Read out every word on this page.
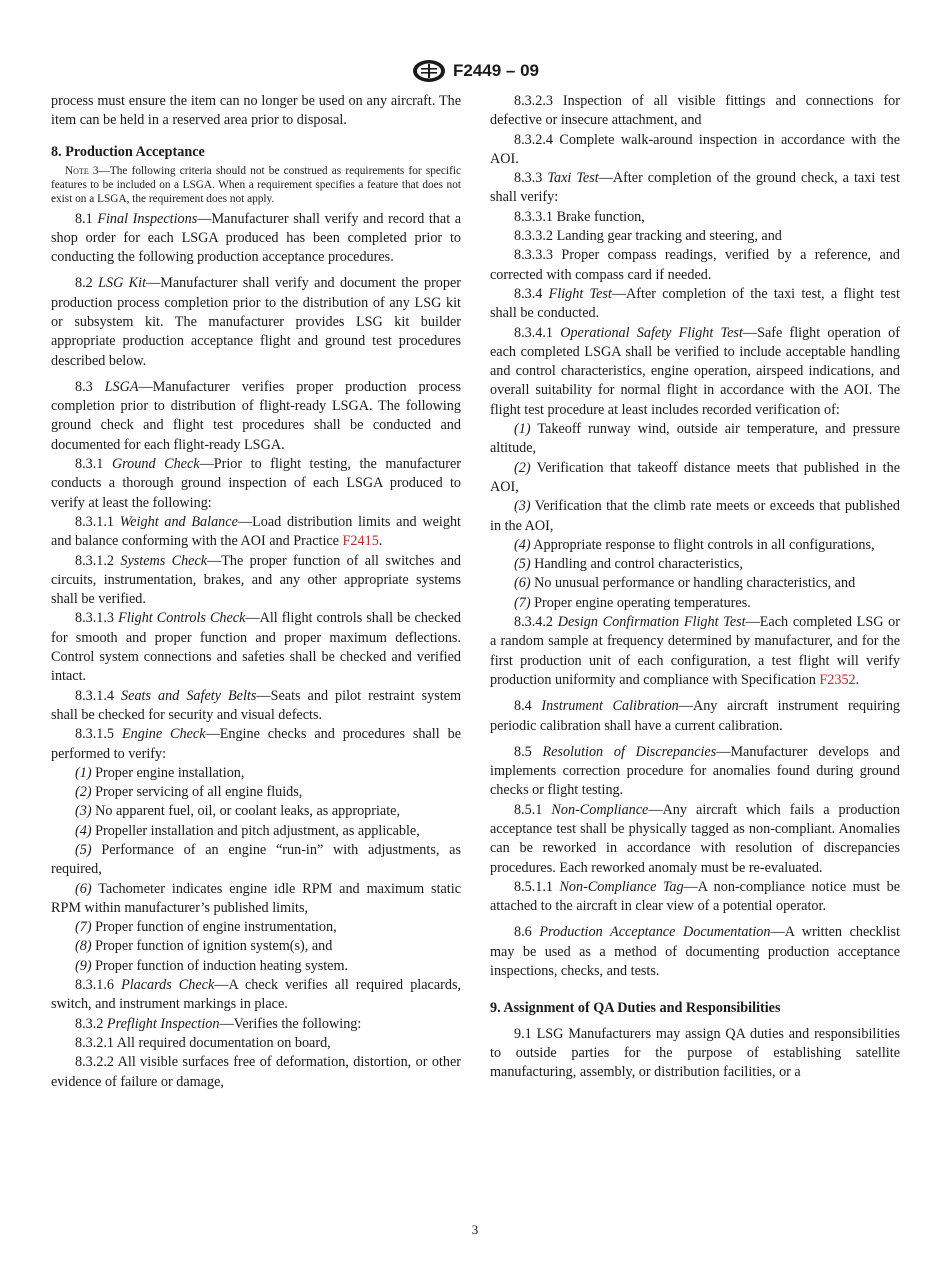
F2449 – 09

process must ensure the item can no longer be used on any aircraft. The item can be held in a reserved area prior to disposal.

8. Production Acceptance

Note 3—The following criteria should not be construed as requirements for specific features to be included on a LSGA. When a requirement specifies a feature that does not exist on a LSGA, the requirement does not apply.

8.1 Final Inspections—Manufacturer shall verify and record that a shop order for each LSGA produced has been completed prior to conducting the following production acceptance procedures.

8.2 LSG Kit—Manufacturer shall verify and document the proper production process completion prior to the distribution of any LSG kit or subsystem kit. The manufacturer provides LSG kit builder appropriate production acceptance flight and ground test procedures described below.

8.3 LSGA—Manufacturer verifies proper production process completion prior to distribution of flight-ready LSGA. The following ground check and flight test procedures shall be conducted and documented for each flight-ready LSGA.

8.3.1 Ground Check—Prior to flight testing, the manufacturer conducts a thorough ground inspection of each LSGA produced to verify at least the following:

8.3.1.1 Weight and Balance—Load distribution limits and weight and balance conforming with the AOI and Practice F2415.

8.3.1.2 Systems Check—The proper function of all switches and circuits, instrumentation, brakes, and any other appropriate systems shall be verified.

8.3.1.3 Flight Controls Check—All flight controls shall be checked for smooth and proper function and proper maximum deflections. Control system connections and safeties shall be checked and verified intact.

8.3.1.4 Seats and Safety Belts—Seats and pilot restraint system shall be checked for security and visual defects.

8.3.1.5 Engine Check—Engine checks and procedures shall be performed to verify:

(1) Proper engine installation,

(2) Proper servicing of all engine fluids,

(3) No apparent fuel, oil, or coolant leaks, as appropriate,

(4) Propeller installation and pitch adjustment, as applicable,

(5) Performance of an engine “run-in” with adjustments, as required,

(6) Tachometer indicates engine idle RPM and maximum static RPM within manufacturer’s published limits,

(7) Proper function of engine instrumentation,

(8) Proper function of ignition system(s), and

(9) Proper function of induction heating system.

8.3.1.6 Placards Check—A check verifies all required placards, switch, and instrument markings in place.

8.3.2 Preflight Inspection—Verifies the following:

8.3.2.1 All required documentation on board,

8.3.2.2 All visible surfaces free of deformation, distortion, or other evidence of failure or damage,

8.3.2.3 Inspection of all visible fittings and connections for defective or insecure attachment, and

8.3.2.4 Complete walk-around inspection in accordance with the AOI.

8.3.3 Taxi Test—After completion of the ground check, a taxi test shall verify:

8.3.3.1 Brake function,

8.3.3.2 Landing gear tracking and steering, and

8.3.3.3 Proper compass readings, verified by a reference, and corrected with compass card if needed.

8.3.4 Flight Test—After completion of the taxi test, a flight test shall be conducted.

8.3.4.1 Operational Safety Flight Test—Safe flight operation of each completed LSGA shall be verified to include acceptable handling and control characteristics, engine operation, airspeed indications, and overall suitability for normal flight in accordance with the AOI. The flight test procedure at least includes recorded verification of:

(1) Takeoff runway wind, outside air temperature, and pressure altitude,

(2) Verification that takeoff distance meets that published in the AOI,

(3) Verification that the climb rate meets or exceeds that published in the AOI,

(4) Appropriate response to flight controls in all configurations,

(5) Handling and control characteristics,

(6) No unusual performance or handling characteristics, and

(7) Proper engine operating temperatures.

8.3.4.2 Design Confirmation Flight Test—Each completed LSG or a random sample at frequency determined by manufacturer, and for the first production unit of each configuration, a test flight will verify production uniformity and compliance with Specification F2352.

8.4 Instrument Calibration—Any aircraft instrument requiring periodic calibration shall have a current calibration.

8.5 Resolution of Discrepancies—Manufacturer develops and implements correction procedure for anomalies found during ground checks or flight testing.

8.5.1 Non-Compliance—Any aircraft which fails a production acceptance test shall be physically tagged as non-compliant. Anomalies can be reworked in accordance with resolution of discrepancies procedures. Each reworked anomaly must be re-evaluated.

8.5.1.1 Non-Compliance Tag—A non-compliance notice must be attached to the aircraft in clear view of a potential operator.

8.6 Production Acceptance Documentation—A written checklist may be used as a method of documenting production acceptance inspections, checks, and tests.

9. Assignment of QA Duties and Responsibilities

9.1 LSG Manufacturers may assign QA duties and responsibilities to outside parties for the purpose of establishing satellite manufacturing, assembly, or distribution facilities, or a

3
